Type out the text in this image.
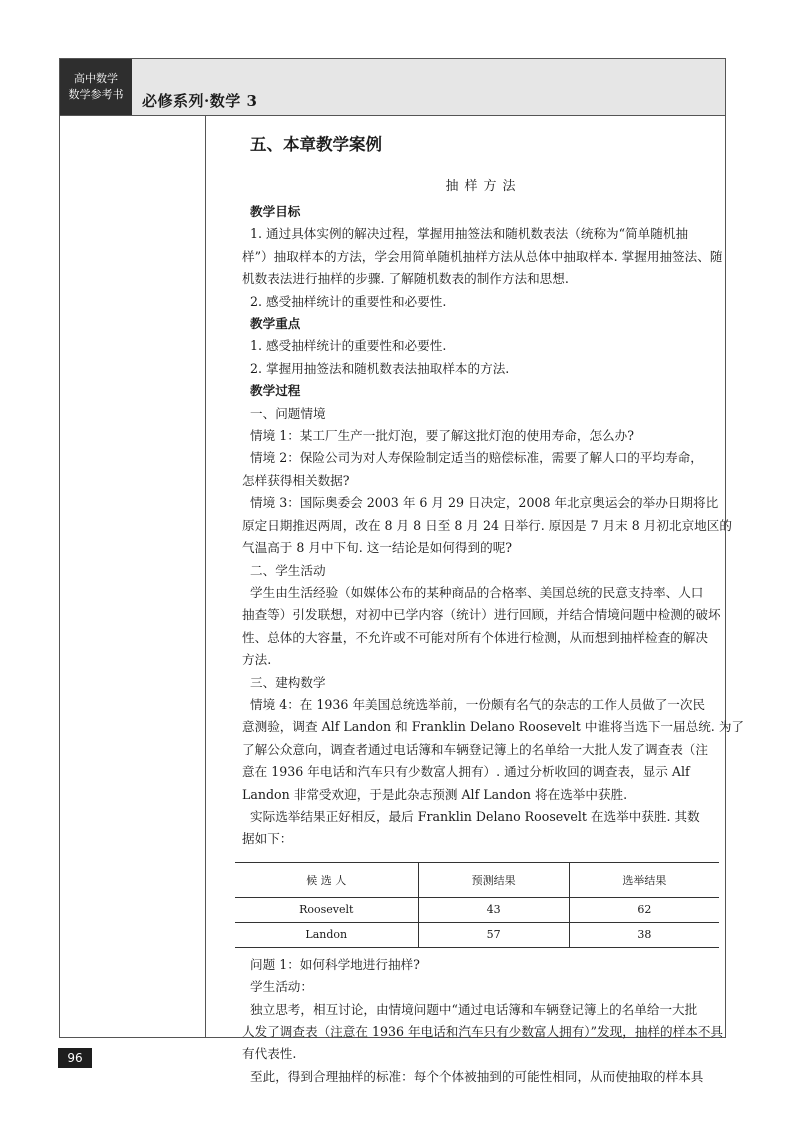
高中数学
数学参考书	必修系列·数学 3
五、本章教学案例
抽样方法
教学目标
1. 通过具体实例的解决过程，掌握用抽签法和随机数表法（统称为“简单随机抽
样”）抽取样本的方法，学会用简单随机抽样方法从总体中抽取样本. 掌握用抽签法、随
机数表法进行抽样的步骤. 了解随机数表的制作方法和思想.
2. 感受抽样统计的重要性和必要性.
教学重点
1. 感受抽样统计的重要性和必要性.
2. 掌握用抽签法和随机数表法抽取样本的方法.
教学过程
一、问题情境
情境 1：某工厂生产一批灯泡，要了解这批灯泡的使用寿命，怎么办?
情境 2：保险公司为对人寿保险制定适当的赔偿标准，需要了解人口的平均寿命，
怎样获得相关数据?
情境 3：国际奥委会 2003 年 6 月 29 日决定，2008 年北京奥运会的举办日期将比
原定日期推迟两周，改在 8 月 8 日至 8 月 24 日举行. 原因是 7 月末 8 月初北京地区的
气温高于 8 月中下旬. 这一结论是如何得到的呢?
二、学生活动
学生由生活经验（如媒体公布的某种商品的合格率、美国总统的民意支持率、人口
抽查等）引发联想，对初中已学内容（统计）进行回顾，并结合情境问题中检测的破坏
性、总体的大容量，不允许或不可能对所有个体进行检测，从而想到抽样检查的解决
方法.
三、建构数学
情境 4：在 1936 年美国总统选举前，一份颇有名气的杂志的工作人员做了一次民
意测验，调查 Alf Landon 和 Franklin Delano Roosevelt 中谁将当选下一届总统. 为了
了解公众意向，调查者通过电话簿和车辆登记簿上的名单给一大批人发了调查表（注
意在 1936 年电话和汽车只有少数富人拥有）. 通过分析收回的调查表，显示 Alf
Landon 非常受欢迎，于是此杂志预测 Alf Landon 将在选举中获胜.
实际选举结果正好相反，最后 Franklin Delano Roosevelt 在选举中获胜. 其数
据如下：
候 选 人	预测结果	选举结果
Roosevelt	43	62
Landon	57	38
问题 1：如何科学地进行抽样?
学生活动：
独立思考，相互讨论，由情境问题中“通过电话簿和车辆登记簿上的名单给一大批
人发了调查表（注意在 1936 年电话和汽车只有少数富人拥有）”发现，抽样的样本不具
有代表性.
至此，得到合理抽样的标准：每个个体被抽到的可能性相同，从而使抽取的样本具
96
